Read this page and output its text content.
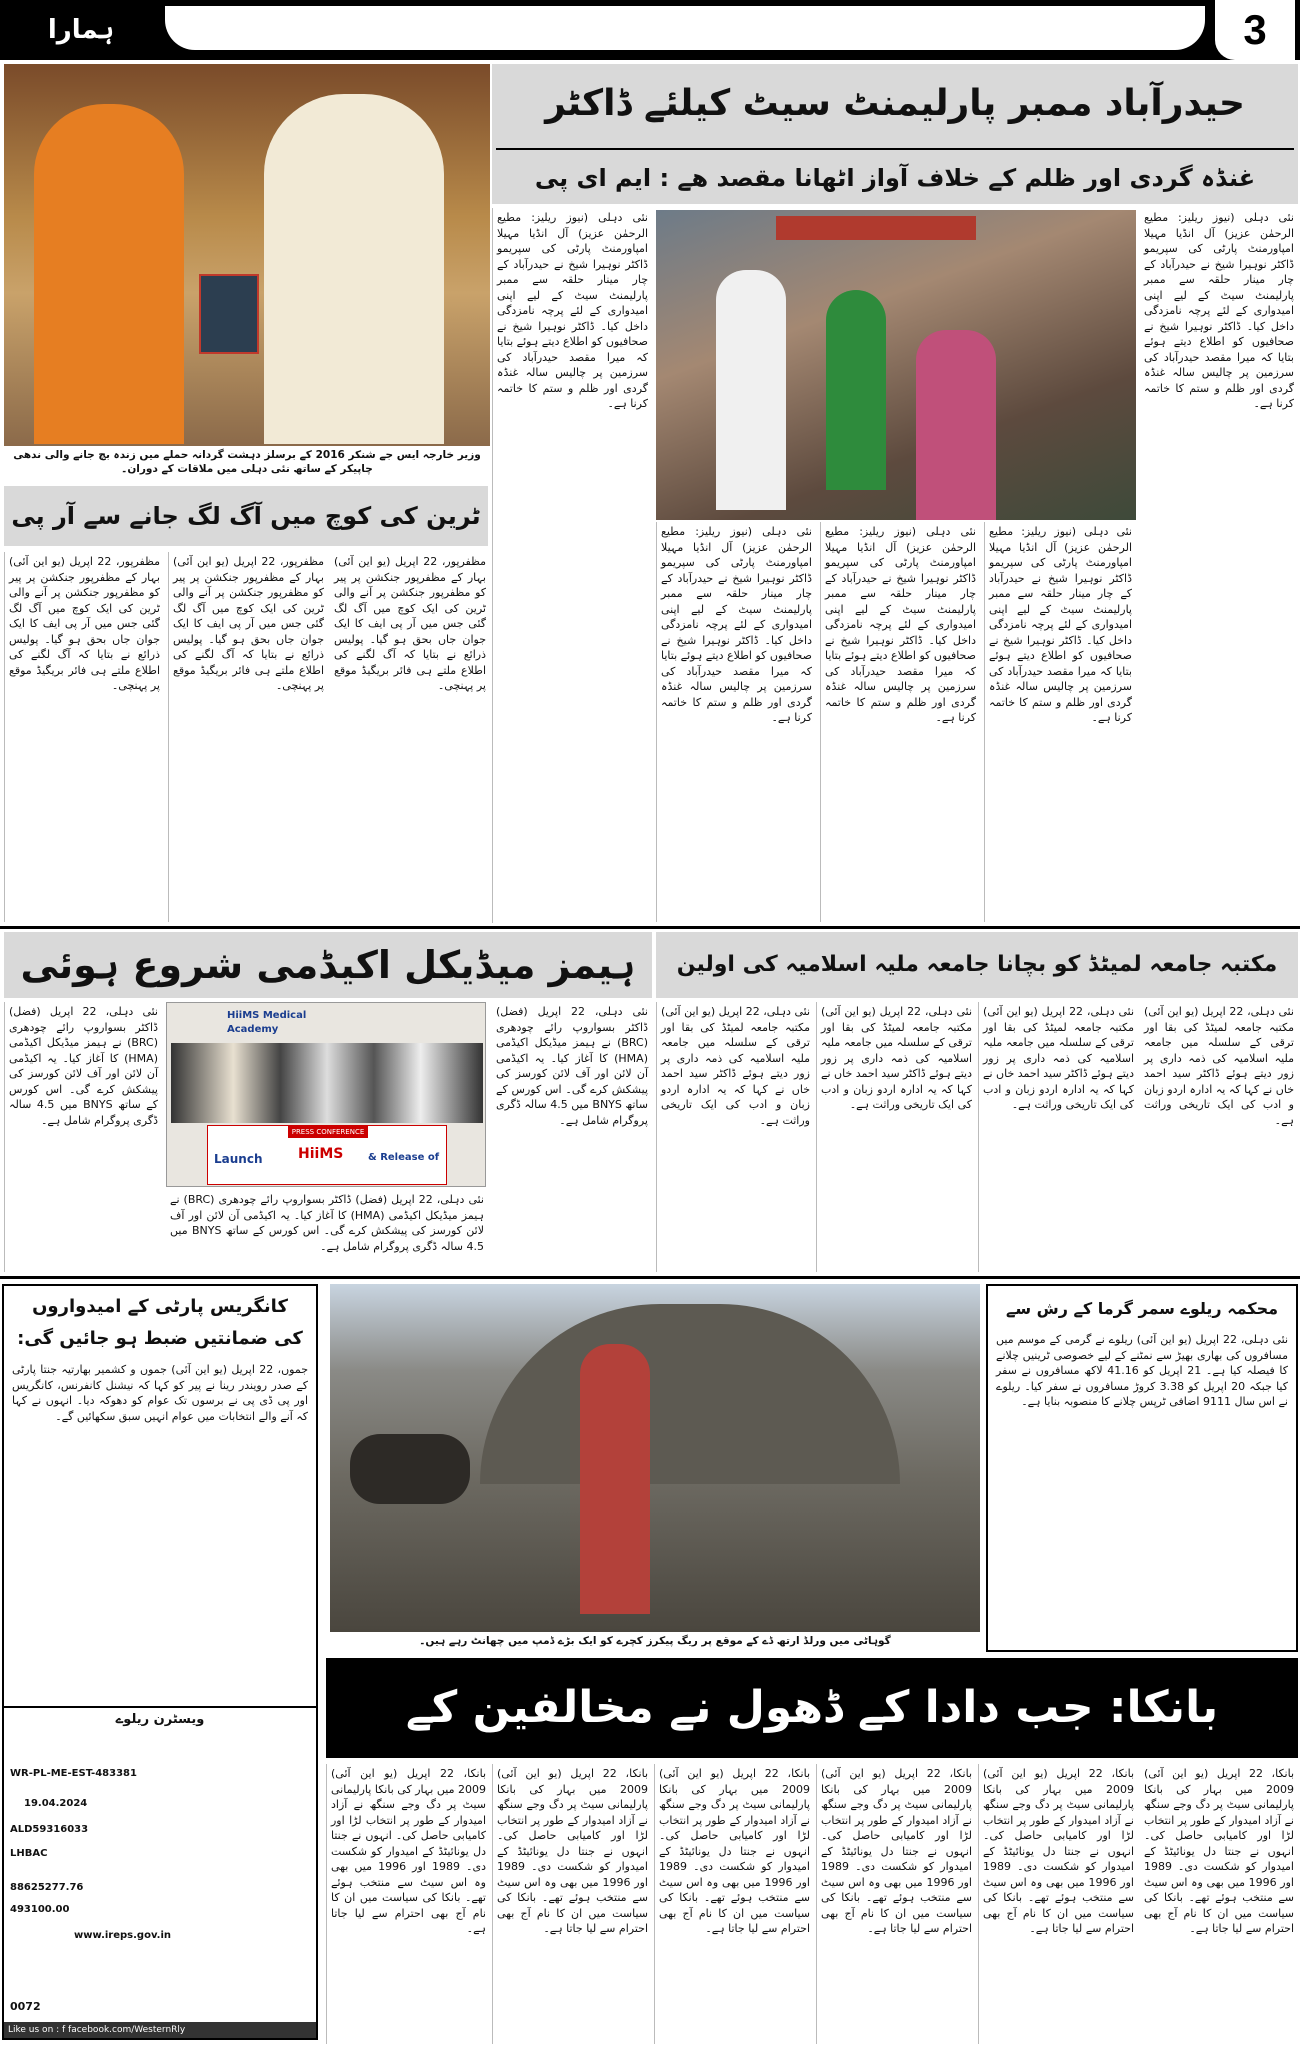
ہمارا	23-04-2024	Urdu Daily Hamara Maqsad, New Delhi	3
وزیر خارجہ ایس جے شنکر 2016 کے برسلز دہشت گردانہ حملے میں زندہ بچ جانے والی ندھی چاپیکر کے ساتھ نئی دہلی میں ملاقات کے دوران۔
حیدرآباد ممبر پارلیمنٹ سیٹ کیلئے ڈاکٹر
غنڈہ گردی اور ظلم کے خلاف آواز اٹھانا مقصد ھے : ایم ای پی
نئی دہلی (نیوز ریلیز: مطیع الرحمٰن عزیز) آل انڈیا مہیلا امپاورمنٹ پارٹی کی سپریمو ڈاکٹر نوہیرا شیخ نے حیدرآباد کے چار مینار حلقہ سے ممبر پارلیمنٹ سیٹ کے لیے اپنی امیدواری کے لئے پرچہ نامزدگی داخل کیا۔ ڈاکٹر نوہیرا شیخ نے صحافیوں کو اطلاع دیتے ہوئے بتایا کہ میرا مقصد حیدرآباد کی سرزمین پر چالیس سالہ غنڈہ گردی اور ظلم و ستم کا خاتمہ کرنا ہے۔
نئی دہلی (نیوز ریلیز: مطیع الرحمٰن عزیز) آل انڈیا مہیلا امپاورمنٹ پارٹی کی سپریمو ڈاکٹر نوہیرا شیخ نے حیدرآباد کے چار مینار حلقہ سے ممبر پارلیمنٹ سیٹ کے لیے اپنی امیدواری کے لئے پرچہ نامزدگی داخل کیا۔ ڈاکٹر نوہیرا شیخ نے صحافیوں کو اطلاع دیتے ہوئے بتایا کہ میرا مقصد حیدرآباد کی سرزمین پر چالیس سالہ غنڈہ گردی اور ظلم و ستم کا خاتمہ کرنا ہے۔
نئی دہلی (نیوز ریلیز: مطیع الرحمٰن عزیز) آل انڈیا مہیلا امپاورمنٹ پارٹی کی سپریمو ڈاکٹر نوہیرا شیخ نے حیدرآباد کے چار مینار حلقہ سے ممبر پارلیمنٹ سیٹ کے لیے اپنی امیدواری کے لئے پرچہ نامزدگی داخل کیا۔ ڈاکٹر نوہیرا شیخ نے صحافیوں کو اطلاع دیتے ہوئے بتایا کہ میرا مقصد حیدرآباد کی سرزمین پر چالیس سالہ غنڈہ گردی اور ظلم و ستم کا خاتمہ کرنا ہے۔
نئی دہلی (نیوز ریلیز: مطیع الرحمٰن عزیز) آل انڈیا مہیلا امپاورمنٹ پارٹی کی سپریمو ڈاکٹر نوہیرا شیخ نے حیدرآباد کے چار مینار حلقہ سے ممبر پارلیمنٹ سیٹ کے لیے اپنی امیدواری کے لئے پرچہ نامزدگی داخل کیا۔ ڈاکٹر نوہیرا شیخ نے صحافیوں کو اطلاع دیتے ہوئے بتایا کہ میرا مقصد حیدرآباد کی سرزمین پر چالیس سالہ غنڈہ گردی اور ظلم و ستم کا خاتمہ کرنا ہے۔
نئی دہلی (نیوز ریلیز: مطیع الرحمٰن عزیز) آل انڈیا مہیلا امپاورمنٹ پارٹی کی سپریمو ڈاکٹر نوہیرا شیخ نے حیدرآباد کے چار مینار حلقہ سے ممبر پارلیمنٹ سیٹ کے لیے اپنی امیدواری کے لئے پرچہ نامزدگی داخل کیا۔ ڈاکٹر نوہیرا شیخ نے صحافیوں کو اطلاع دیتے ہوئے بتایا کہ میرا مقصد حیدرآباد کی سرزمین پر چالیس سالہ غنڈہ گردی اور ظلم و ستم کا خاتمہ کرنا ہے۔
ٹرین کی کوچ میں آگ لگ جانے سے آر پی
مظفرپور، 22 اپریل (یو این آئی) بہار کے مظفرپور جنکشن پر پیر کو مظفرپور جنکشن پر آنے والی ٹرین کی ایک کوچ میں آگ لگ گئی جس میں آر پی ایف کا ایک جوان جاں بحق ہو گیا۔ پولیس ذرائع نے بتایا کہ آگ لگنے کی اطلاع ملتے ہی فائر بریگیڈ موقع پر پہنچی۔
مظفرپور، 22 اپریل (یو این آئی) بہار کے مظفرپور جنکشن پر پیر کو مظفرپور جنکشن پر آنے والی ٹرین کی ایک کوچ میں آگ لگ گئی جس میں آر پی ایف کا ایک جوان جاں بحق ہو گیا۔ پولیس ذرائع نے بتایا کہ آگ لگنے کی اطلاع ملتے ہی فائر بریگیڈ موقع پر پہنچی۔
مظفرپور، 22 اپریل (یو این آئی) بہار کے مظفرپور جنکشن پر پیر کو مظفرپور جنکشن پر آنے والی ٹرین کی ایک کوچ میں آگ لگ گئی جس میں آر پی ایف کا ایک جوان جاں بحق ہو گیا۔ پولیس ذرائع نے بتایا کہ آگ لگنے کی اطلاع ملتے ہی فائر بریگیڈ موقع پر پہنچی۔
مکتبہ جامعہ لمیٹڈ کو بچانا جامعہ ملیہ اسلامیہ کی اولین
نئی دہلی، 22 اپریل (یو این آئی) مکتبہ جامعہ لمیٹڈ کی بقا اور ترقی کے سلسلہ میں جامعہ ملیہ اسلامیہ کی ذمہ داری پر زور دیتے ہوئے ڈاکٹر سید احمد خاں نے کہا کہ یہ ادارہ اردو زبان و ادب کی ایک تاریخی وراثت ہے۔
نئی دہلی، 22 اپریل (یو این آئی) مکتبہ جامعہ لمیٹڈ کی بقا اور ترقی کے سلسلہ میں جامعہ ملیہ اسلامیہ کی ذمہ داری پر زور دیتے ہوئے ڈاکٹر سید احمد خاں نے کہا کہ یہ ادارہ اردو زبان و ادب کی ایک تاریخی وراثت ہے۔
نئی دہلی، 22 اپریل (یو این آئی) مکتبہ جامعہ لمیٹڈ کی بقا اور ترقی کے سلسلہ میں جامعہ ملیہ اسلامیہ کی ذمہ داری پر زور دیتے ہوئے ڈاکٹر سید احمد خاں نے کہا کہ یہ ادارہ اردو زبان و ادب کی ایک تاریخی وراثت ہے۔
نئی دہلی، 22 اپریل (یو این آئی) مکتبہ جامعہ لمیٹڈ کی بقا اور ترقی کے سلسلہ میں جامعہ ملیہ اسلامیہ کی ذمہ داری پر زور دیتے ہوئے ڈاکٹر سید احمد خاں نے کہا کہ یہ ادارہ اردو زبان و ادب کی ایک تاریخی وراثت ہے۔
ہیمز میڈیکل اکیڈمی شروع ہوئی
نئی دہلی، 22 اپریل (فضل) ڈاکٹر بسواروپ رائے چودھری (BRC) نے ہیمز میڈیکل اکیڈمی (HMA) کا آغاز کیا۔ یہ اکیڈمی آن لائن اور آف لائن کورسز کی پیشکش کرے گی۔ اس کورس کے ساتھ BNYS میں 4.5 سالہ ڈگری پروگرام شامل ہے۔
HiiMS Medical Academy
PRESS CONFERENCE
Launch	HiiMS	& Release of
نئی دہلی، 22 اپریل (فضل) ڈاکٹر بسواروپ رائے چودھری (BRC) نے ہیمز میڈیکل اکیڈمی (HMA) کا آغاز کیا۔ یہ اکیڈمی آن لائن اور آف لائن کورسز کی پیشکش کرے گی۔ اس کورس کے ساتھ BNYS میں 4.5 سالہ ڈگری پروگرام شامل ہے۔
نئی دہلی، 22 اپریل (فضل) ڈاکٹر بسواروپ رائے چودھری (BRC) نے ہیمز میڈیکل اکیڈمی (HMA) کا آغاز کیا۔ یہ اکیڈمی آن لائن اور آف لائن کورسز کی پیشکش کرے گی۔ اس کورس کے ساتھ BNYS میں 4.5 سالہ ڈگری پروگرام شامل ہے۔
کانگریس پارٹی کے امیدواروں
کی ضمانتیں ضبط ہو جائیں گی:
جموں، 22 اپریل (یو این آئی) جموں و کشمیر بھارتیہ جنتا پارٹی کے صدر رویندر رینا نے پیر کو کہا کہ نیشنل کانفرنس، کانگریس اور پی ڈی پی نے برسوں تک عوام کو دھوکہ دیا۔ انہوں نے کہا کہ آنے والے انتخابات میں عوام انہیں سبق سکھائیں گے۔
ویسٹرن ریلوے
WR-PL-ME-EST-483381
19.04.2024
ALD59316033
LHBAC
88625277.76
493100.00
www.ireps.gov.in
0072
Like us on : f facebook.com/WesternRly
گوہاٹی میں ورلڈ ارتھ ڈے کے موقع پر ریگ پیکرز کچرے کو ایک بڑے ڈمپ میں چھانٹ رہے ہیں۔
محکمہ ریلوے سمر گرما کے رش سے
نئی دہلی، 22 اپریل (یو این آئی) ریلوے نے گرمی کے موسم میں مسافروں کی بھاری بھیڑ سے نمٹنے کے لیے خصوصی ٹرینیں چلانے کا فیصلہ کیا ہے۔ 21 اپریل کو 41.16 لاکھ مسافروں نے سفر کیا جبکہ 20 اپریل کو 3.38 کروڑ مسافروں نے سفر کیا۔ ریلوے نے اس سال 9111 اضافی ٹرپس چلانے کا منصوبہ بنایا ہے۔
بانکا: جب دادا کے ڈھول نے مخالفین کے
بانکا، 22 اپریل (یو این آئی) 2009 میں بہار کی بانکا پارلیمانی سیٹ پر دگ وجے سنگھ نے آزاد امیدوار کے طور پر انتخاب لڑا اور کامیابی حاصل کی۔ انہوں نے جنتا دل یونائیٹڈ کے امیدوار کو شکست دی۔ 1989 اور 1996 میں بھی وہ اس سیٹ سے منتخب ہوئے تھے۔ بانکا کی سیاست میں ان کا نام آج بھی احترام سے لیا جاتا ہے۔
بانکا، 22 اپریل (یو این آئی) 2009 میں بہار کی بانکا پارلیمانی سیٹ پر دگ وجے سنگھ نے آزاد امیدوار کے طور پر انتخاب لڑا اور کامیابی حاصل کی۔ انہوں نے جنتا دل یونائیٹڈ کے امیدوار کو شکست دی۔ 1989 اور 1996 میں بھی وہ اس سیٹ سے منتخب ہوئے تھے۔ بانکا کی سیاست میں ان کا نام آج بھی احترام سے لیا جاتا ہے۔
بانکا، 22 اپریل (یو این آئی) 2009 میں بہار کی بانکا پارلیمانی سیٹ پر دگ وجے سنگھ نے آزاد امیدوار کے طور پر انتخاب لڑا اور کامیابی حاصل کی۔ انہوں نے جنتا دل یونائیٹڈ کے امیدوار کو شکست دی۔ 1989 اور 1996 میں بھی وہ اس سیٹ سے منتخب ہوئے تھے۔ بانکا کی سیاست میں ان کا نام آج بھی احترام سے لیا جاتا ہے۔
بانکا، 22 اپریل (یو این آئی) 2009 میں بہار کی بانکا پارلیمانی سیٹ پر دگ وجے سنگھ نے آزاد امیدوار کے طور پر انتخاب لڑا اور کامیابی حاصل کی۔ انہوں نے جنتا دل یونائیٹڈ کے امیدوار کو شکست دی۔ 1989 اور 1996 میں بھی وہ اس سیٹ سے منتخب ہوئے تھے۔ بانکا کی سیاست میں ان کا نام آج بھی احترام سے لیا جاتا ہے۔
بانکا، 22 اپریل (یو این آئی) 2009 میں بہار کی بانکا پارلیمانی سیٹ پر دگ وجے سنگھ نے آزاد امیدوار کے طور پر انتخاب لڑا اور کامیابی حاصل کی۔ انہوں نے جنتا دل یونائیٹڈ کے امیدوار کو شکست دی۔ 1989 اور 1996 میں بھی وہ اس سیٹ سے منتخب ہوئے تھے۔ بانکا کی سیاست میں ان کا نام آج بھی احترام سے لیا جاتا ہے۔
بانکا، 22 اپریل (یو این آئی) 2009 میں بہار کی بانکا پارلیمانی سیٹ پر دگ وجے سنگھ نے آزاد امیدوار کے طور پر انتخاب لڑا اور کامیابی حاصل کی۔ انہوں نے جنتا دل یونائیٹڈ کے امیدوار کو شکست دی۔ 1989 اور 1996 میں بھی وہ اس سیٹ سے منتخب ہوئے تھے۔ بانکا کی سیاست میں ان کا نام آج بھی احترام سے لیا جاتا ہے۔
